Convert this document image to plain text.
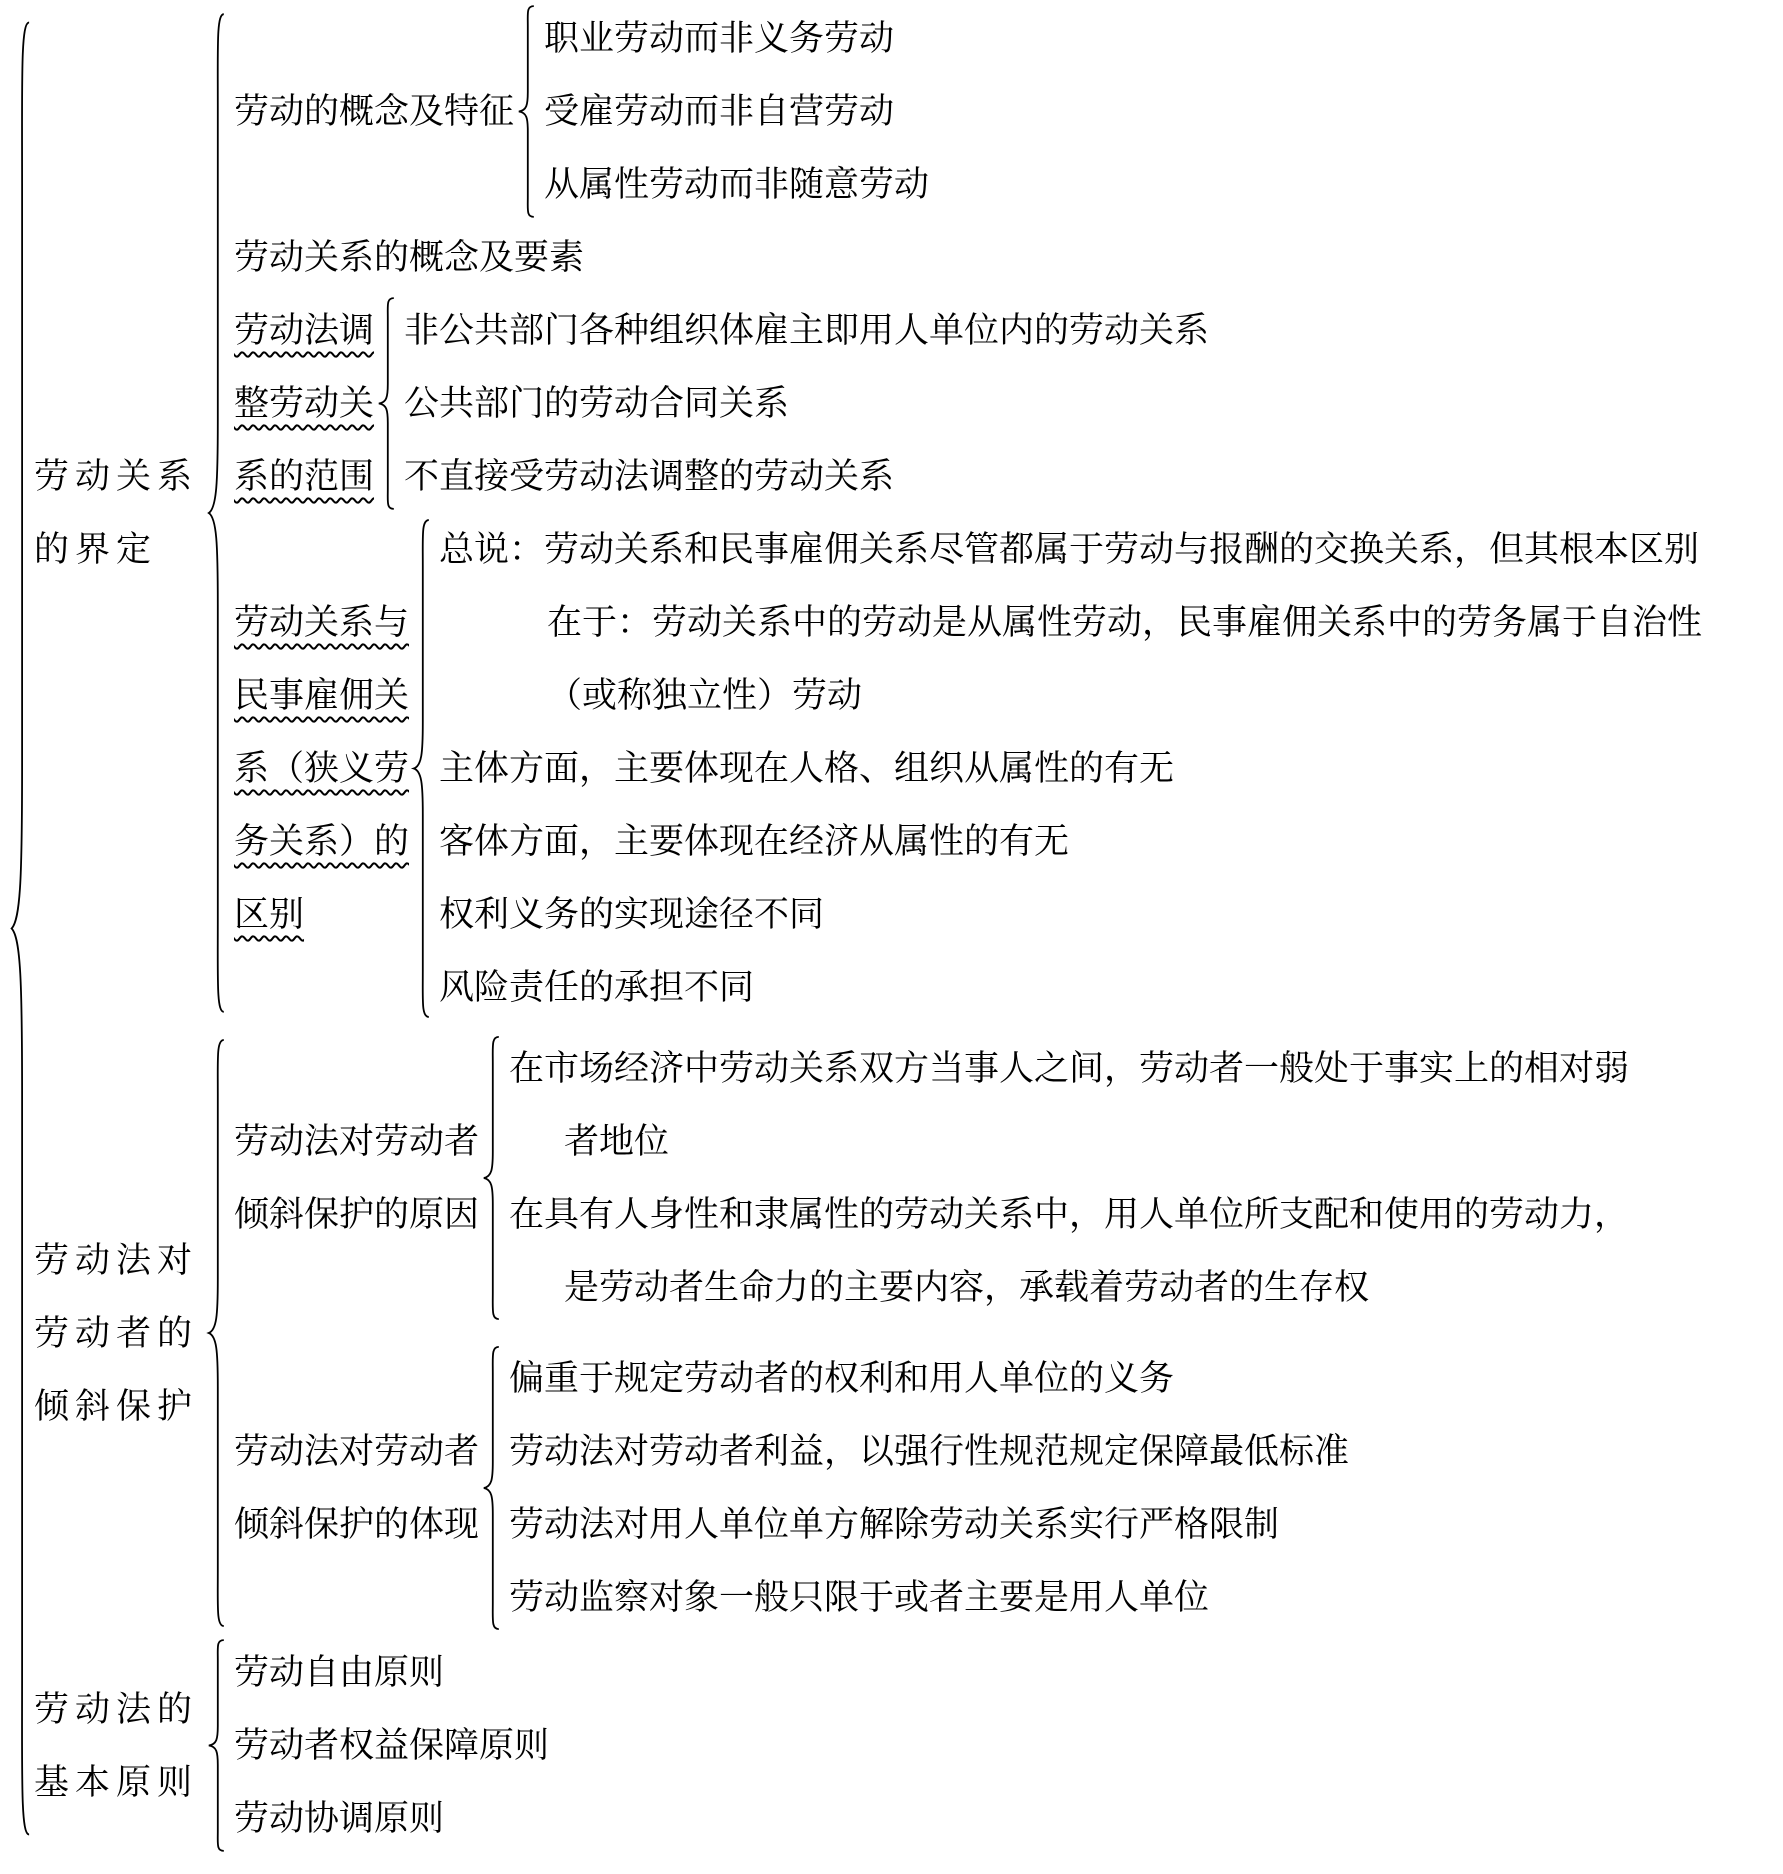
劳动关系
的界定
劳动的概念及特征
职业劳动而非义务劳动
受雇劳动而非自营劳动
从属性劳动而非随意劳动
劳动关系的概念及要素
劳动法调
整劳动关
系的范围
非公共部门各种组织体雇主即用人单位内的劳动关系
公共部门的劳动合同关系
不直接受劳动法调整的劳动关系
劳动关系与
民事雇佣关
系（狭义劳
务关系）的
区别
总说：劳动关系和民事雇佣关系尽管都属于劳动与报酬的交换关系，但其根本区别在于：劳动关系中的劳动是从属性劳动，民事雇佣关系中的劳务属于自治性（或称独立性）劳动
主体方面，主要体现在人格、组织从属性的有无
客体方面，主要体现在经济从属性的有无
权利义务的实现途径不同
风险责任的承担不同
劳动法对
劳动者的
倾斜保护
劳动法对劳动者
倾斜保护的原因
在市场经济中劳动关系双方当事人之间，劳动者一般处于事实上的相对弱者地位
在具有人身性和隶属性的劳动关系中，用人单位所支配和使用的劳动力，是劳动者生命力的主要内容，承载着劳动者的生存权
劳动法对劳动者
倾斜保护的体现
偏重于规定劳动者的权利和用人单位的义务
劳动法对劳动者利益，以强行性规范规定保障最低标准
劳动法对用人单位单方解除劳动关系实行严格限制
劳动监察对象一般只限于或者主要是用人单位
劳动法的
基本原则
劳动自由原则
劳动者权益保障原则
劳动协调原则
